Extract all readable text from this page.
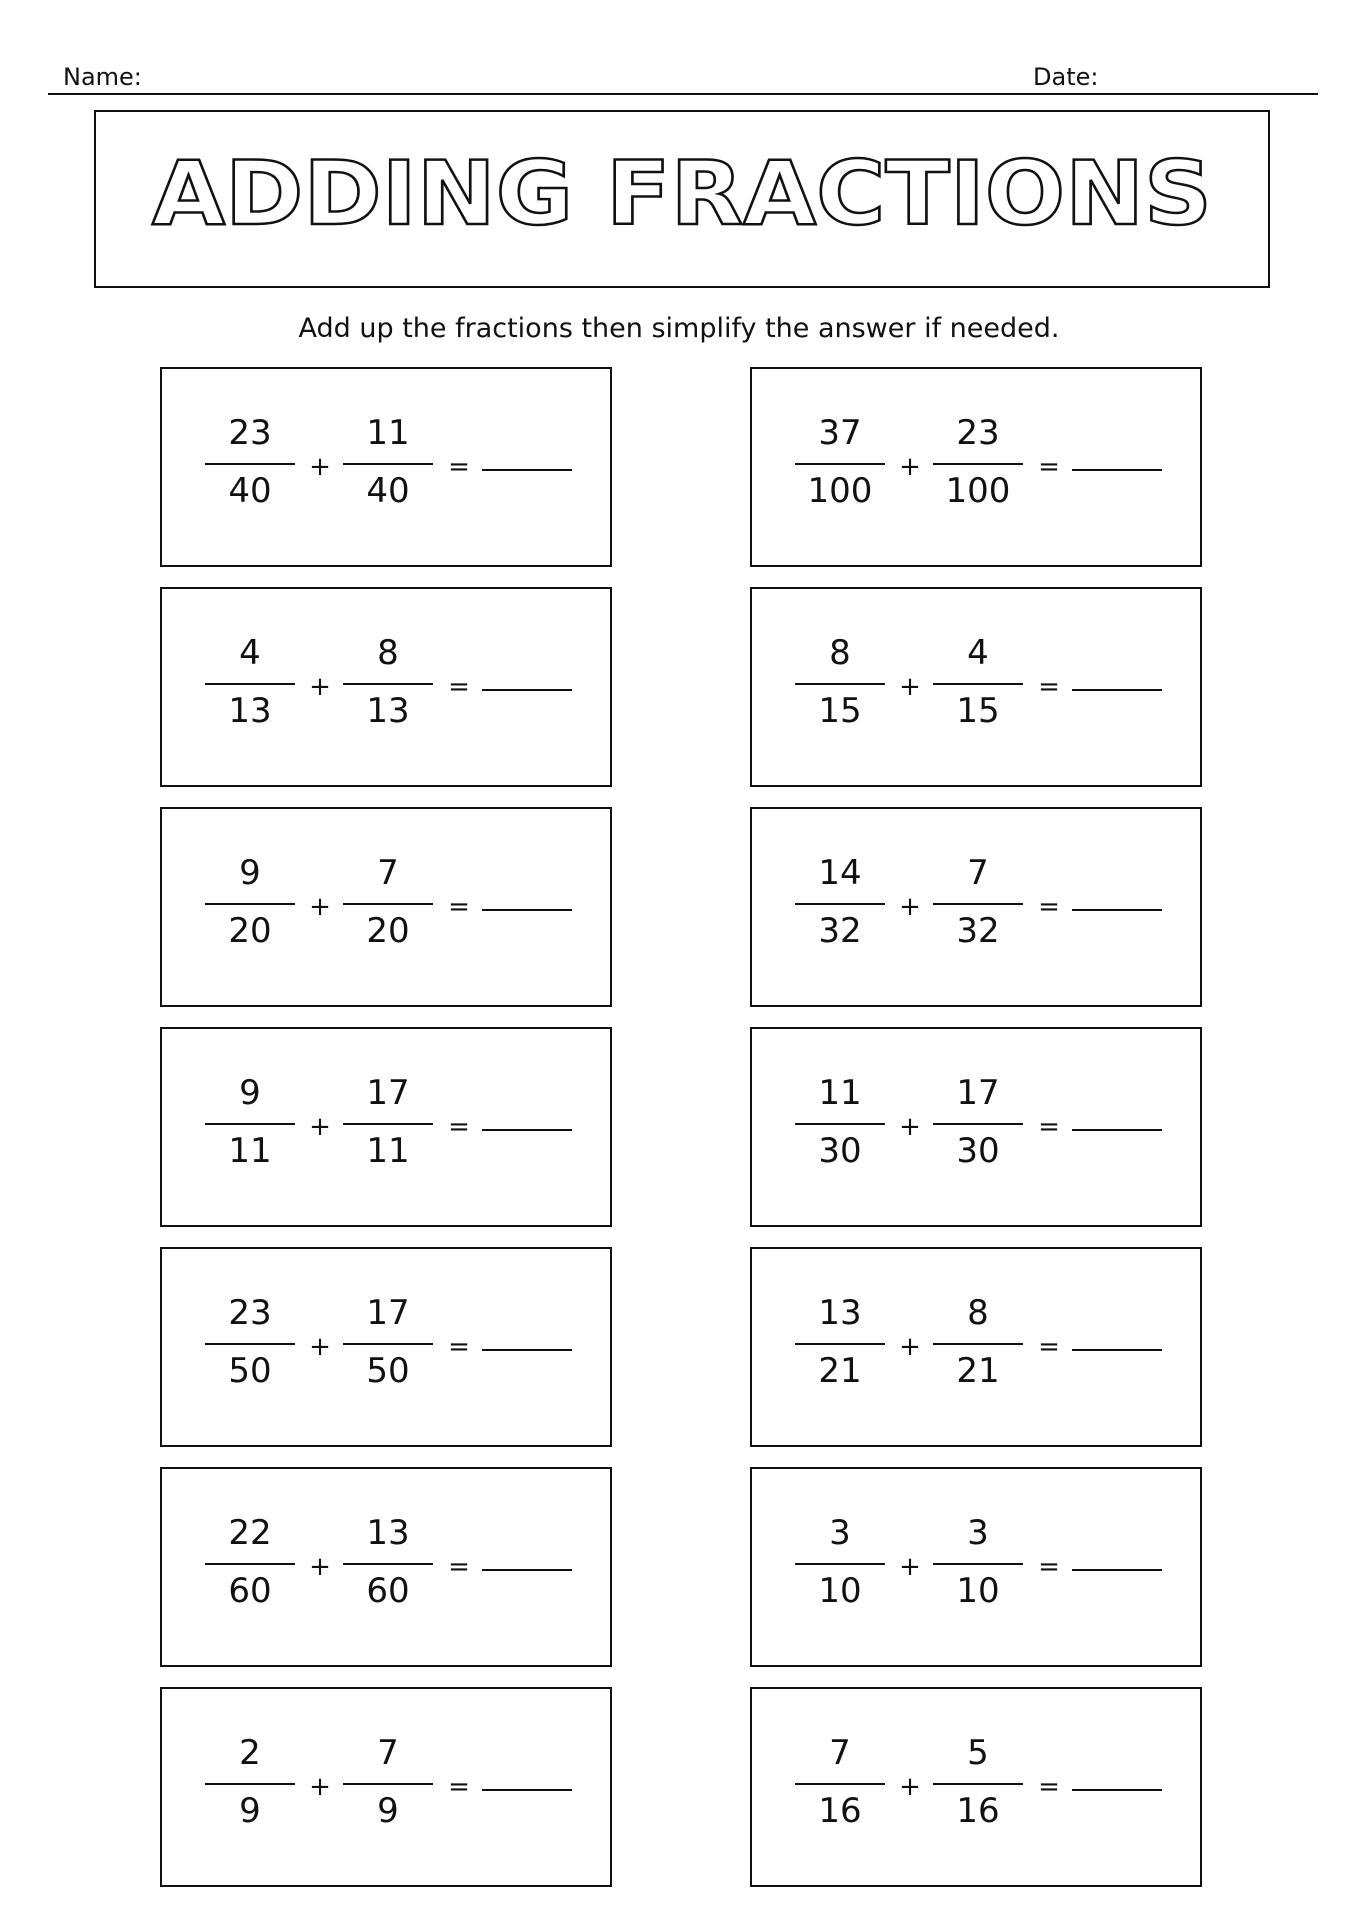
Name:	Date:
ADDING FRACTIONS
Add up the fractions then simplify the answer if needed.
23
40
+
11
40
=
37
100
+
23
100
=
4
13
+
8
13
=
8
15
+
4
15
=
9
20
+
7
20
=
14
32
+
7
32
=
9
11
+
17
11
=
11
30
+
17
30
=
23
50
+
17
50
=
13
21
+
8
21
=
22
60
+
13
60
=
3
10
+
3
10
=
2
9
+
7
9
=
7
16
+
5
16
=
